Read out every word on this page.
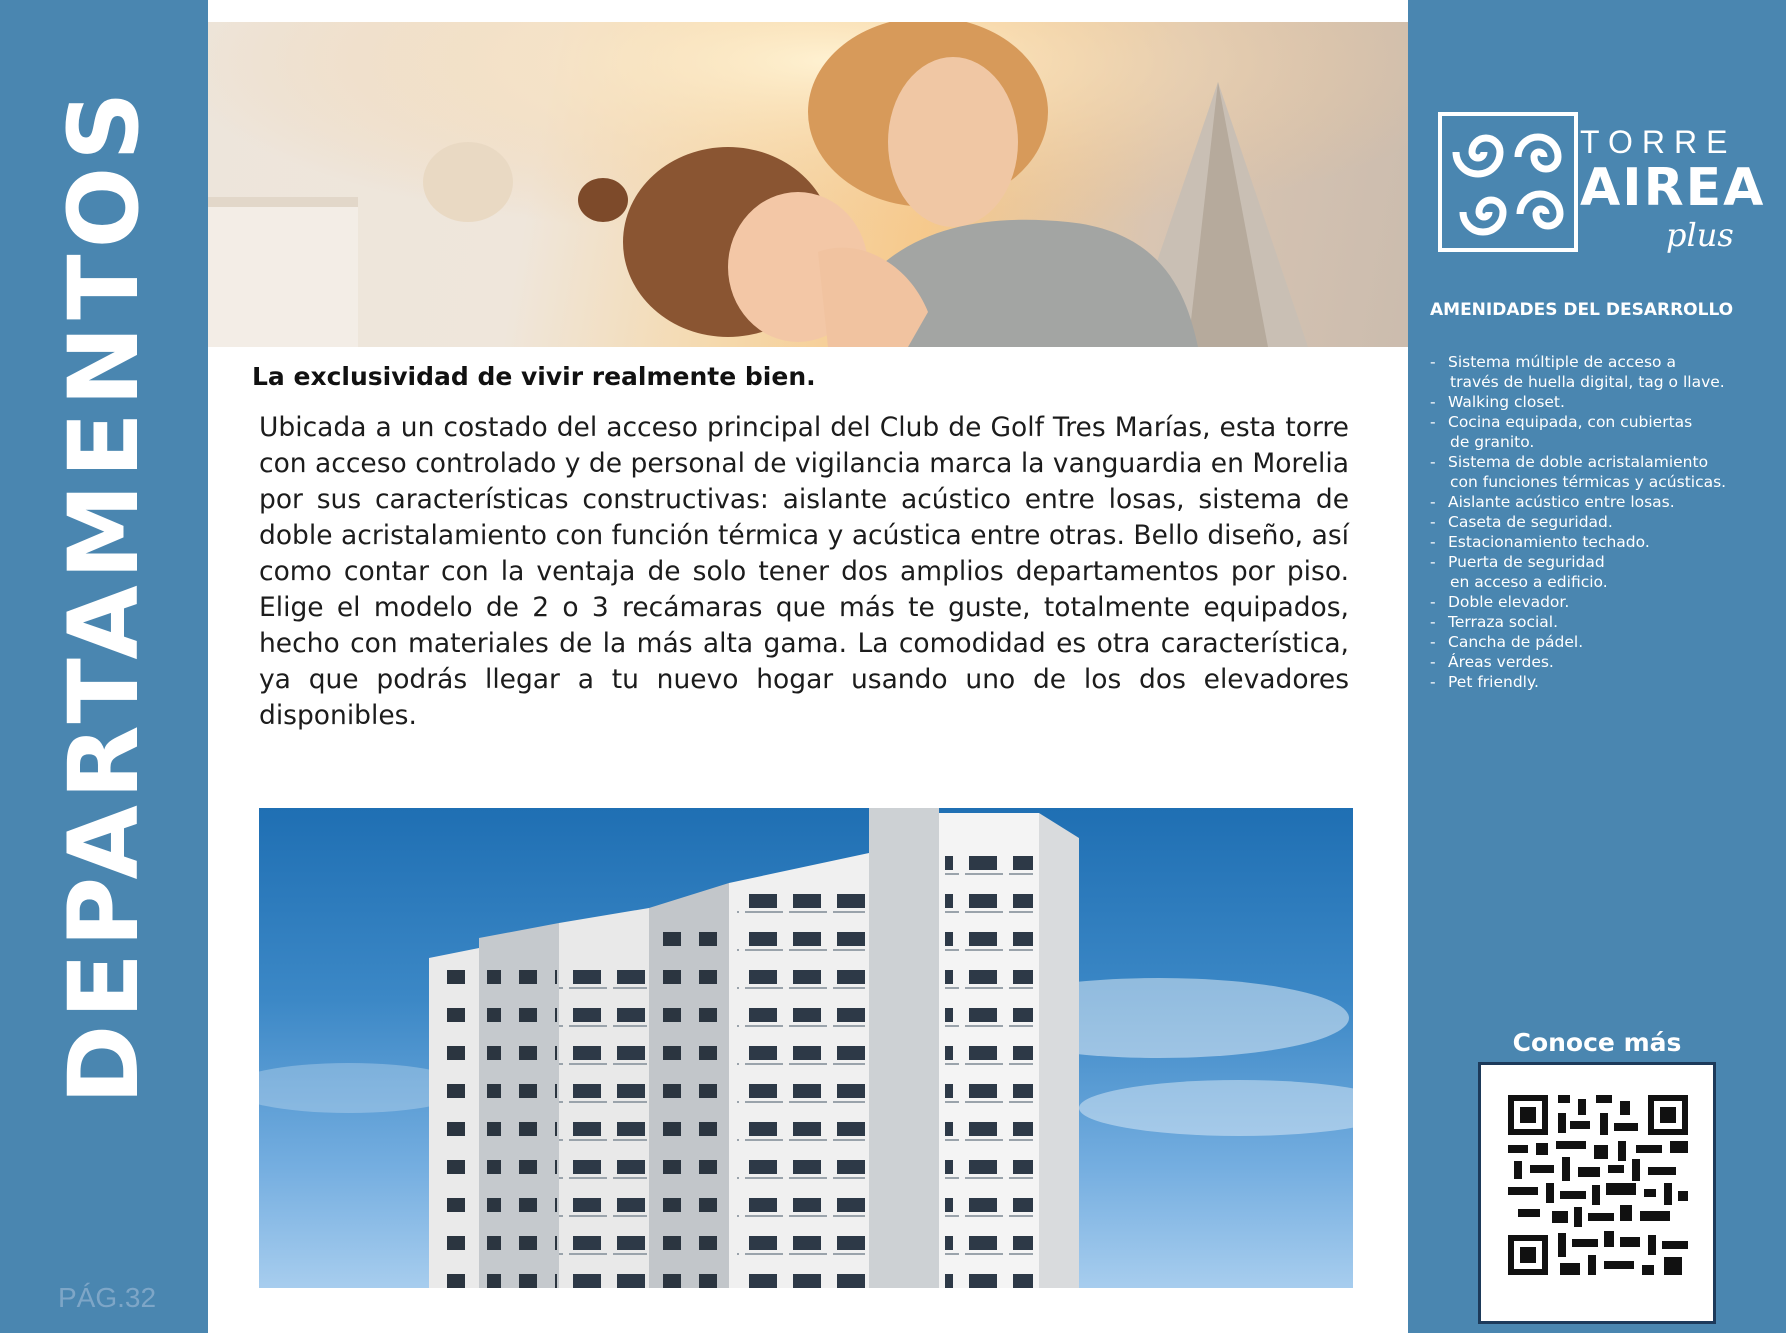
DEPARTAMENTOS
PÁG.32
La exclusividad de vivir realmente bien.
Ubicada a un costado del acceso principal del Club de Golf Tres Marías, esta torre con acceso controlado y de personal de vigilancia marca la vanguardia en Morelia por sus características constructivas: aislante acústico entre losas, sistema de doble acristalamiento con función térmica y acústica entre otras. Bello diseño, así como contar con la ventaja de solo tener dos amplios departamentos por piso. Elige el modelo de 2 o 3 recámaras que más te guste, totalmente equipados, hecho con materiales de la más alta gama. La comodidad es otra característica, ya que podrás llegar a tu nuevo hogar usando uno de los dos elevadores disponibles.
TORRE
AIREA
plus
AMENIDADES DEL DESARROLLO
- Sistema múltiple de acceso a
través de huella digital, tag o llave.
- Walking closet.
- Cocina equipada, con cubiertas
de granito.
- Sistema de doble acristalamiento
con funciones térmicas y acústicas.
- Aislante acústico entre losas.
- Caseta de seguridad.
- Estacionamiento techado.
- Puerta de seguridad
en acceso a edificio.
- Doble elevador.
- Terraza social.
- Cancha de pádel.
- Áreas verdes.
- Pet friendly.
Conoce más
